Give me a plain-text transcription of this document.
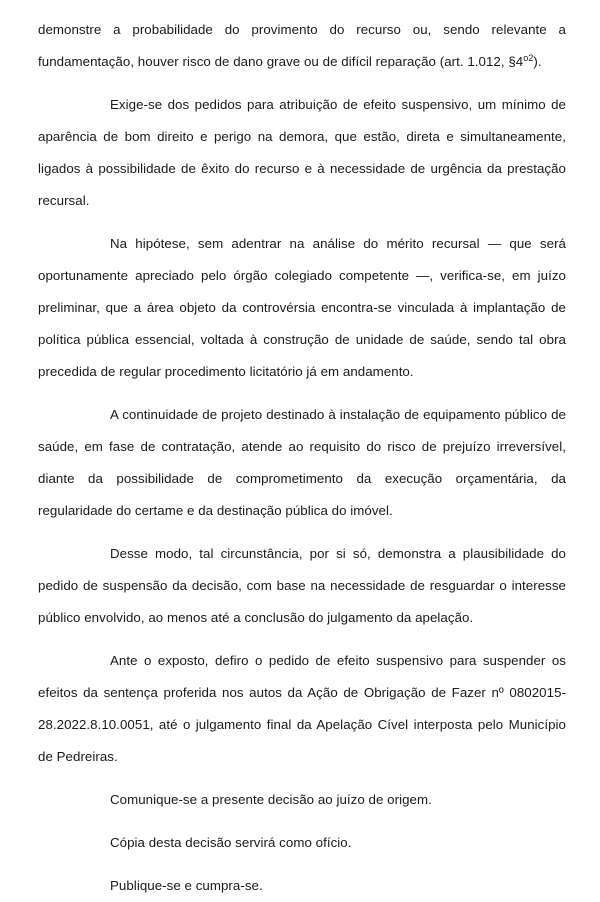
demonstre a probabilidade do provimento do recurso ou, sendo relevante a fundamentação, houver risco de dano grave ou de difícil reparação (art. 1.012, $\S 4^{o2}$).

Exige-se dos pedidos para atribuição de efeito suspensivo, um mínimo de aparência de bom direito e perigo na demora, que estão, direta e simultaneamente, ligados à possibilidade de êxito do recurso e à necessidade de urgência da prestação recursal.

Na hipótese, sem adentrar na análise do mérito recursal — que será oportunamente apreciado pelo órgão colegiado competente —, verifica-se, em juízo preliminar, que a área objeto da controvérsia encontra-se vinculada à implantação de política pública essencial, voltada à construção de unidade de saúde, sendo tal obra precedida de regular procedimento licitatório já em andamento.

A continuidade de projeto destinado à instalação de equipamento público de saúde, em fase de contratação, atende ao requisito do risco de prejuízo irreversível, diante da possibilidade de comprometimento da execução orçamentária, da regularidade do certame e da destinação pública do imóvel.

Desse modo, tal circunstância, por si só, demonstra a plausibilidade do pedido de suspensão da decisão, com base na necessidade de resguardar o interesse público envolvido, ao menos até a conclusão do julgamento da apelação.

Ante o exposto, defiro o pedido de efeito suspensivo para suspender os efeitos da sentença proferida nos autos da Ação de Obrigação de Fazer nº 0802015-28.2022.8.10.0051, até o julgamento final da Apelação Cível interposta pelo Município de Pedreiras.

Comunique-se a presente decisão ao juízo de origem.

Cópia desta decisão servirá como ofício.

Publique-se e cumpra-se.
